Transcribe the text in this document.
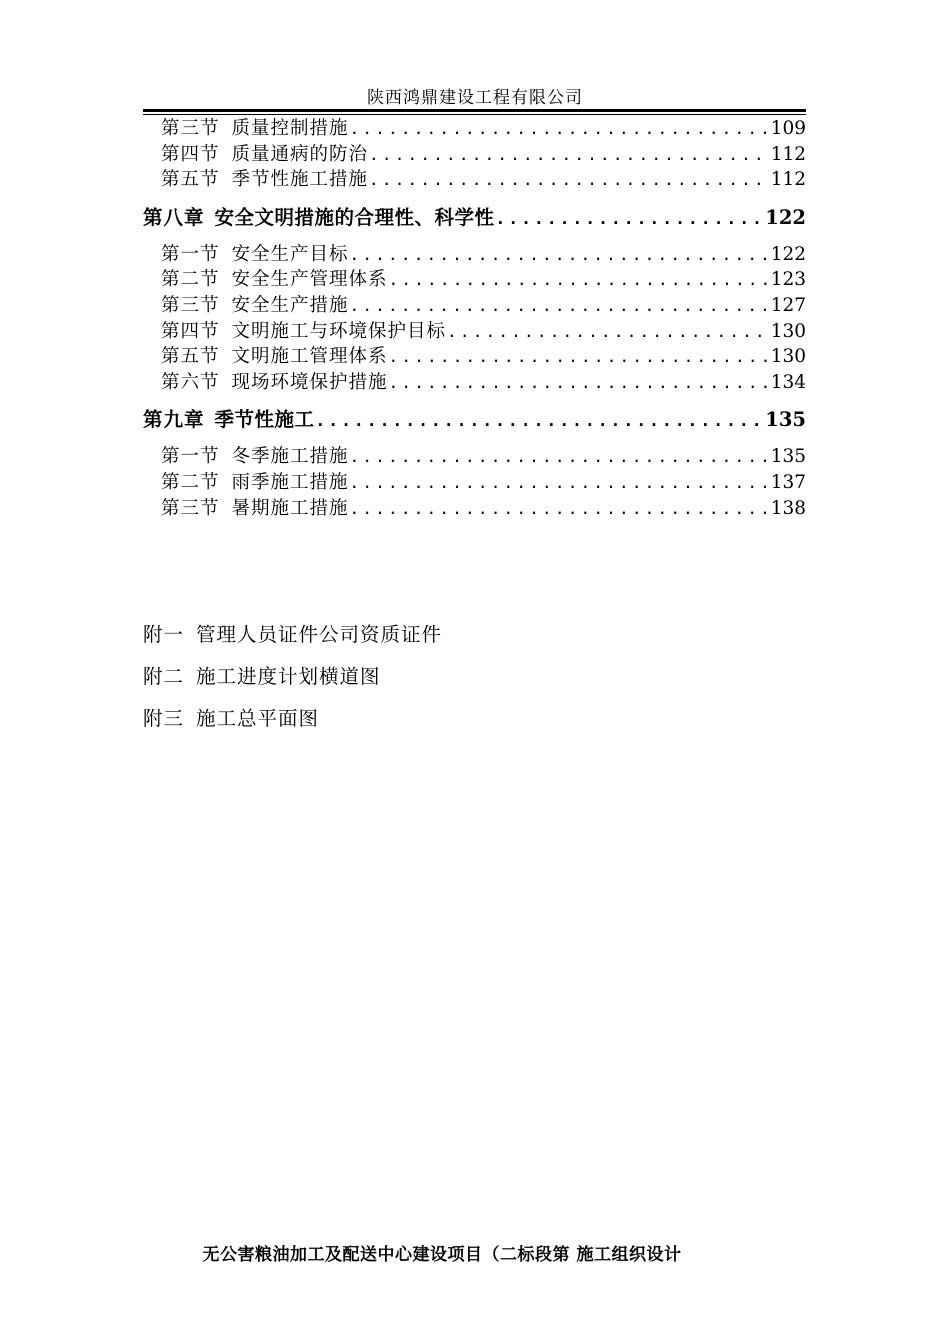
陕西鸿鼎建设工程有限公司
第三节 质量控制措施 .....	109
第四节 质量通病的防治 .....	112
第五节 季节性施工措施 .....	112
第八章 安全文明措施的合理性、科学性 .....	122
第一节 安全生产目标 .....	122
第二节 安全生产管理体系 .....	123
第三节 安全生产措施 .....	127
第四节 文明施工与环境保护目标 .....	130
第五节 文明施工管理体系 .....	130
第六节 现场环境保护措施 .....	134
第九章 季节性施工 .....	135
第一节 冬季施工措施 .....	135
第二节 雨季施工措施 .....	137
第三节 暑期施工措施 .....	138
附一 管理人员证件公司资质证件
附二 施工进度计划横道图
附三 施工总平面图
无公害粮油加工及配送中心建设项目（二标段第 施工组织设计
